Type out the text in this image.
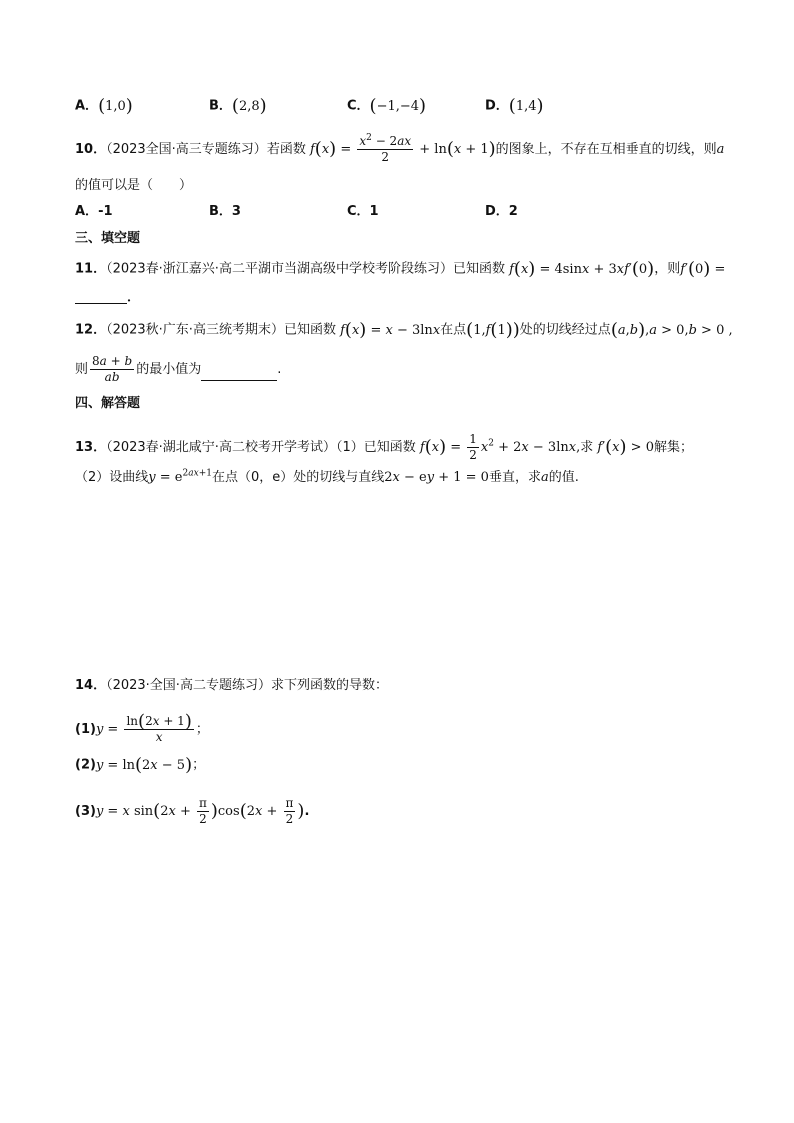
A．(1,0)	B．(2,8)	C．(−1,−4)	D．(1,4)
10．（2023全国·高三专题练习）若函数 $f(x) = \frac{x^2 - 2ax}{2} + \ln(x + 1)$的图象上，不存在互相垂直的切线，则a
的值可以是（　　）
A．-1	B．3	C．1	D．2
三、填空题
11．（2023春·浙江嘉兴·高二平湖市当湖高级中学校考阶段练习）已知函数 f(x) = 4sinx + 3xf′(0)，则f′(0) =
．
12．（2023秋·广东·高三统考期末）已知函数 f(x) = x − 3lnx在点(1,f(1))处的切线经过点(a,b),a > 0,b > 0 ,
则 $\frac{8a + b}{ab}$ 的最小值为	.
四、解答题
13．（2023春·湖北咸宁·高二校考开学考试）（1）已知函数 $f(x) = \frac{1}{2} x^2 + 2x - 3\ln x$,求 f′(x) > 0解集；
（2）设曲线$y = e^{2ax+1}$在点（0，e）处的切线与直线2x − ey + 1 = 0垂直，求a的值.
14．（2023·全国·高二专题练习）求下列函数的导数：
$(1)y = \frac{\ln(2x + 1)}{x}$ ；
(2)y = ln(2x − 5)；
(3)y = x $\sin(2x + \frac{\pi}{2} )\cos(2x + \frac{\pi}{2}$ ).
